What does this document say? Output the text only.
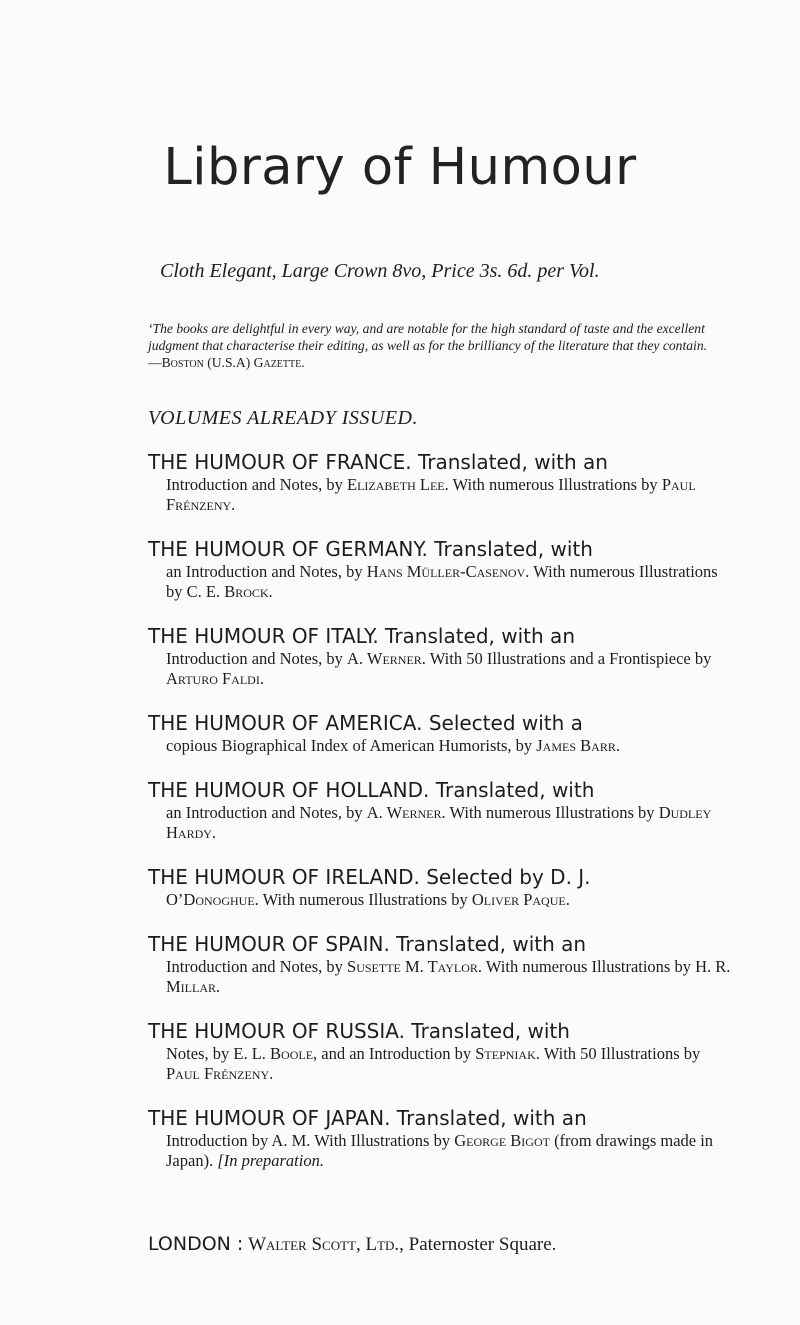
Library of Humour
Cloth Elegant, Large Crown 8vo, Price 3s. 6d. per Vol.
‘The books are delightful in every way, and are notable for the high standard of taste and the excellent judgment that characterise their editing, as well as for the brilliancy of the literature that they contain.
—Boston (U.S.A) Gazette.
VOLUMES ALREADY ISSUED.
THE HUMOUR OF FRANCE. Translated, with an
Introduction and Notes, by Elizabeth Lee. With numerous Illustrations by Paul Frénzeny.
THE HUMOUR OF GERMANY. Translated, with
an Introduction and Notes, by Hans Müller-Casenov. With numerous Illustrations by C. E. Brock.
THE HUMOUR OF ITALY. Translated, with an
Introduction and Notes, by A. Werner. With 50 Illustrations and a Frontispiece by Arturo Faldi.
THE HUMOUR OF AMERICA. Selected with a
copious Biographical Index of American Humorists, by James Barr.
THE HUMOUR OF HOLLAND. Translated, with
an Introduction and Notes, by A. Werner. With numerous Illustrations by Dudley Hardy.
THE HUMOUR OF IRELAND. Selected by D. J.
O’Donoghue. With numerous Illustrations by Oliver Paque.
THE HUMOUR OF SPAIN. Translated, with an
Introduction and Notes, by Susette M. Taylor. With numerous Illustrations by H. R. Millar.
THE HUMOUR OF RUSSIA. Translated, with
Notes, by E. L. Boole, and an Introduction by Stepniak. With 50 Illustrations by Paul Frénzeny.
THE HUMOUR OF JAPAN. Translated, with an
Introduction by A. M. With Illustrations by George Bigot (from drawings made in Japan). [In preparation.
LONDON : Walter Scott, Ltd., Paternoster Square.
